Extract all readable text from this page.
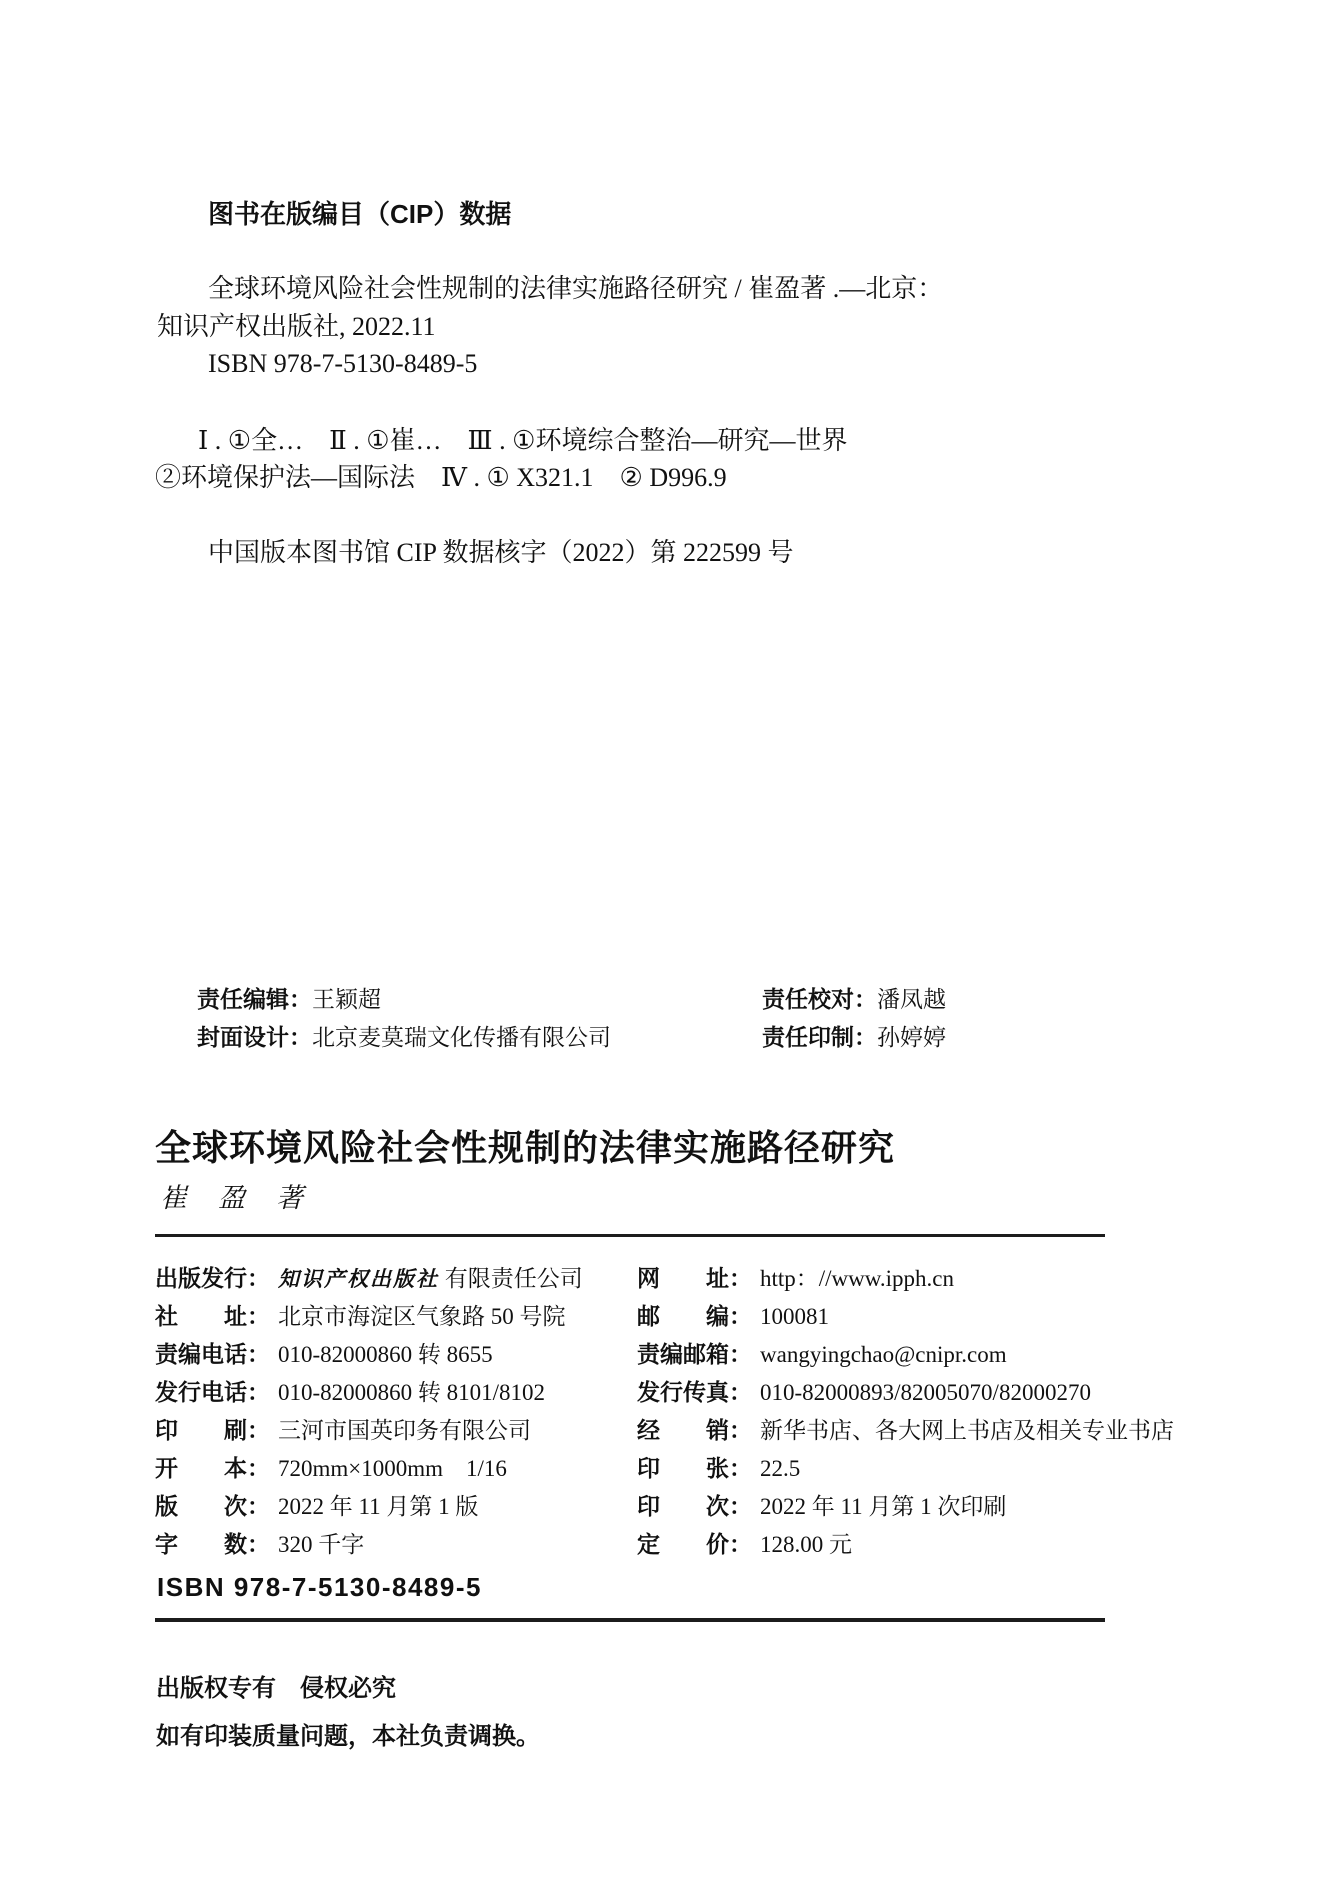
图书在版编目（CIP）数据
全球环境风险社会性规制的法律实施路径研究 / 崔盈著 .—北京：
知识产权出版社, 2022.11
ISBN 978-7-5130-8489-5
Ⅰ . ①全…　Ⅱ . ①崔…　Ⅲ . ①环境综合整治—研究—世界
②环境保护法—国际法　Ⅳ . ① X321.1　② D996.9
中国版本图书馆 CIP 数据核字（2022）第 222599 号
责任编辑：王颖超	责任校对：潘凤越
封面设计：北京麦莫瑞文化传播有限公司	责任印制：孙婷婷
全球环境风险社会性规制的法律实施路径研究
崔　盈　著
出版发行： 知识产权出版社 有限责任公司 网　　址： http：//www.ipph.cn
社　　址： 北京市海淀区气象路 50 号院	邮　　编： 100081
责编电话： 010-82000860 转 8655	责编邮箱： wangyingchao@cnipr.com
发行电话： 010-82000860 转 8101/8102	发行传真： 010-82000893/82005070/82000270
印　　刷： 三河市国英印务有限公司	经　　销： 新华书店、各大网上书店及相关专业书店
开　　本： 720mm×1000mm　1/16	印　　张： 22.5
版　　次： 2022 年 11 月第 1 版	印　　次： 2022 年 11 月第 1 次印刷
字　　数： 320 千字	定　　价： 128.00 元
ISBN 978-7-5130-8489-5
出版权专有　侵权必究
如有印装质量问题，本社负责调换。
